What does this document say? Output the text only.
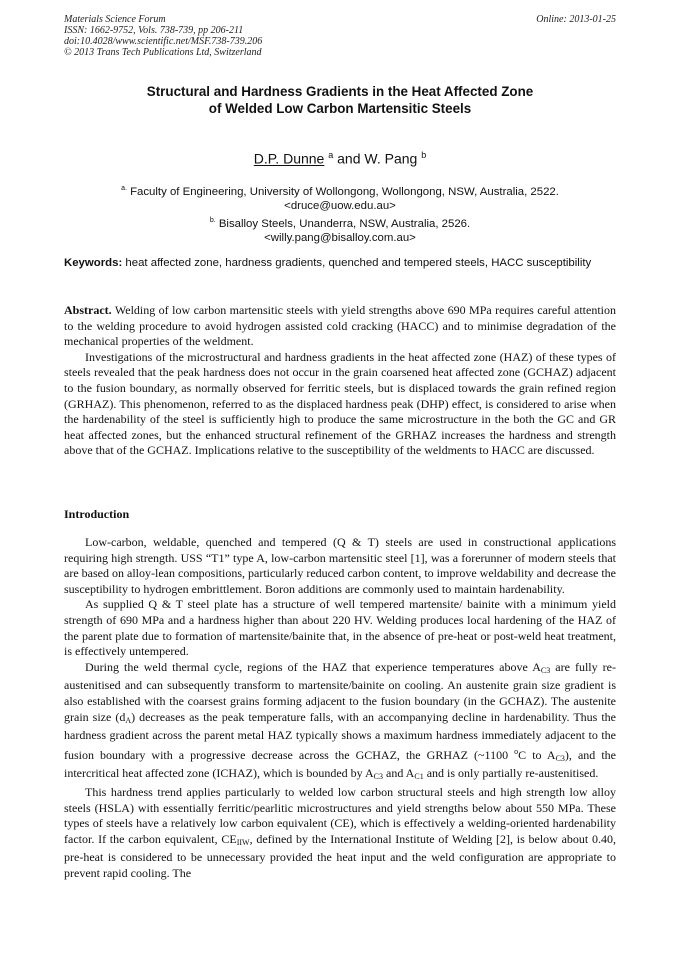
Materials Science Forum
ISSN: 1662-9752, Vols. 738-739, pp 206-211
doi:10.4028/www.scientific.net/MSF.738-739.206
© 2013 Trans Tech Publications Ltd, Switzerland
Online: 2013-01-25
Structural and Hardness Gradients in the Heat Affected Zone
of Welded Low Carbon Martensitic Steels
D.P. Dunne $^a$ and W. Pang $^b$
$^{a.}$ Faculty of Engineering, University of Wollongong, Wollongong, NSW, Australia, 2522.
<druce@uow.edu.au>
$^{b.}$ Bisalloy Steels, Unanderra, NSW, Australia, 2526.
<willy.pang@bisalloy.com.au>
Keywords: heat affected zone, hardness gradients, quenched and tempered steels, HACC susceptibility

Abstract. Welding of low carbon martensitic steels with yield strengths above 690 MPa requires careful attention to the welding procedure to avoid hydrogen assisted cold cracking (HACC) and to minimise degradation of the mechanical properties of the weldment.

Investigations of the microstructural and hardness gradients in the heat affected zone (HAZ) of these types of steels revealed that the peak hardness does not occur in the grain coarsened heat affected zone (GCHAZ) adjacent to the fusion boundary, as normally observed for ferritic steels, but is displaced towards the grain refined region (GRHAZ). This phenomenon, referred to as the displaced hardness peak (DHP) effect, is considered to arise when the hardenability of the steel is sufficiently high to produce the same microstructure in the both the GC and GR heat affected zones, but the enhanced structural refinement of the GRHAZ increases the hardness and strength above that of the GCHAZ. Implications relative to the susceptibility of the weldments to HACC are discussed.

Introduction

Low-carbon, weldable, quenched and tempered (Q & T) steels are used in constructional applications requiring high strength. USS “T1” type A, low-carbon martensitic steel [1], was a forerunner of modern steels that are based on alloy-lean compositions, particularly reduced carbon content, to improve weldability and decrease the susceptibility to hydrogen embrittlement. Boron additions are commonly used to maintain hardenability.

As supplied Q & T steel plate has a structure of well tempered martensite/ bainite with a minimum yield strength of 690 MPa and a hardness higher than about 220 HV. Welding produces local hardening of the HAZ of the parent plate due to formation of martensite/bainite that, in the absence of pre-heat or post-weld heat treatment, is effectively untempered.

During the weld thermal cycle, regions of the HAZ that experience temperatures above $A_{C3}$ are fully re-austenitised and can subsequently transform to martensite/bainite on cooling. An austenite grain size gradient is also established with the coarsest grains forming adjacent to the fusion boundary (in the GCHAZ). The austenite grain size $(d_A)$ decreases as the peak temperature falls, with an accompanying decline in hardenability. Thus the hardness gradient across the parent metal HAZ typically shows a maximum hardness immediately adjacent to the fusion boundary with a progressive decrease across the GCHAZ, the GRHAZ (~1100 $^o$C to $A_{C3}$), and the intercritical heat affected zone (ICHAZ), which is bounded by $A_{C3}$ and $A_{C1}$ and is only partially re-austenitised.

This hardness trend applies particularly to welded low carbon structural steels and high strength low alloy steels (HSLA) with essentially ferritic/pearlitic microstructures and yield strengths below about 550 MPa. These types of steels have a relatively low carbon equivalent (CE), which is effectively a welding-oriented hardenability factor. If the carbon equivalent, $CE_{IIW}$, defined by the International Institute of Welding [2], is below about 0.40, pre-heat is considered to be unnecessary provided the heat input and the weld configuration are appropriate to prevent rapid cooling. The
